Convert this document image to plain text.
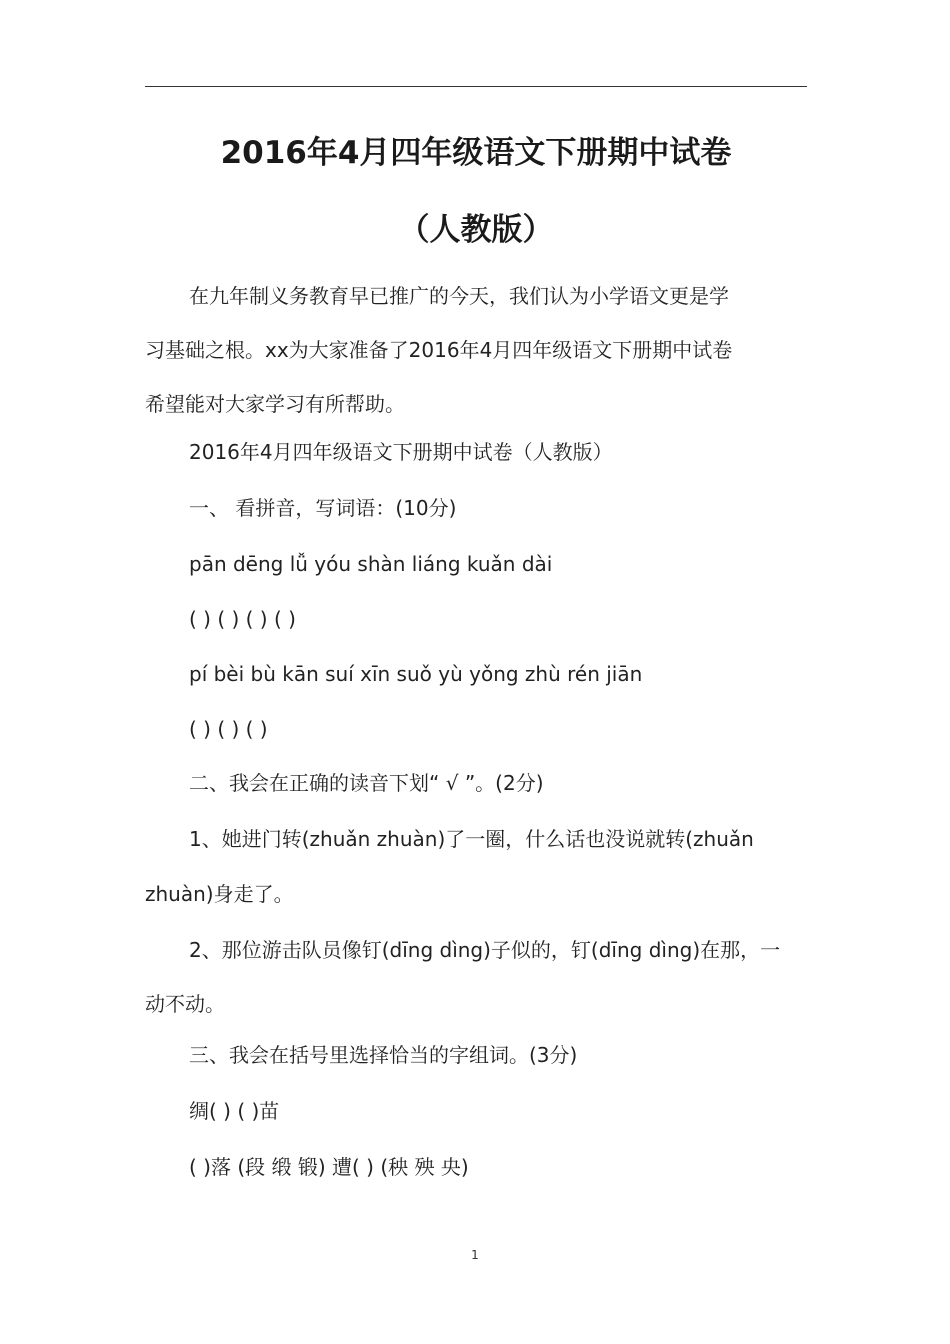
2016年4月四年级语文下册期中试卷
（人教版）
在九年制义务教育早已推广的今天，我们认为小学语文更是学
习基础之根。xx为大家准备了2016年4月四年级语文下册期中试卷
希望能对大家学习有所帮助。
2016年4月四年级语文下册期中试卷（人教版）
一、 看拼音，写词语：(10分)
pān dēng lǚ yóu shàn liáng kuǎn dài
( ) ( ) ( ) ( )
pí bèi bù kān suí xīn suǒ yù yǒng zhù rén jiān
( ) ( ) ( )
二、我会在正确的读音下划“ √ ”。(2分)
1、她进门转(zhuǎn zhuàn)了一圈，什么话也没说就转(zhuǎn
zhuàn)身走了。
2、那位游击队员像钉(dīng dìng)子似的，钉(dīng dìng)在那，一
动不动。
三、我会在括号里选择恰当的字组词。(3分)
绸( ) ( )苗
( )落 (段 缎 锻) 遭( ) (秧 殃 央)
1
